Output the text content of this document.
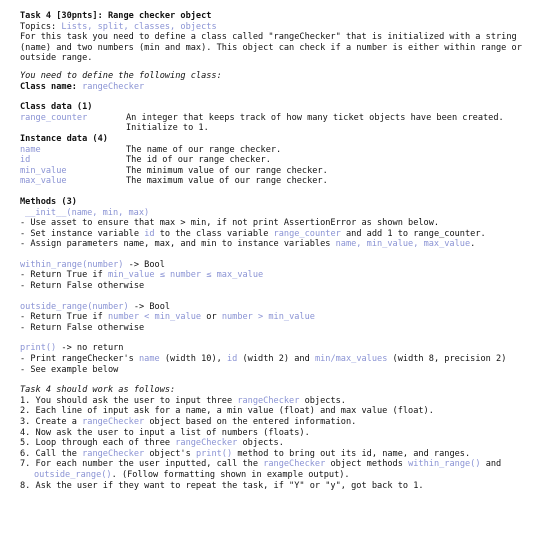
Task 4 [30pnts]: Range checker object
Topics: Lists, split, classes, objects
For this task you need to define a class called "rangeChecker" that is initialized with a string
(name) and two numbers (min and max). This object can check if a number is either within range or
outside range.
You need to define the following class:
Class name: rangeChecker
Class data (1)
range_counter	An integer that keeps track of how many ticket objects have been created.
Initialize to 1.
Instance data (4)
name	The name of our range checker.
id	The id of our range checker.
min_value	The minimum value of our range checker.
max_value	The maximum value of our range checker.
Methods (3)
__init__(name, min, max)
- Use asset to ensure that max > min, if not print AssertionError as shown below.
- Set instance variable id to the class variable range_counter and add 1 to range_counter.
- Assign parameters name, max, and min to instance variables name, min_value, max_value.
within_range(number) -> Bool
- Return True if min_value ≤ number ≤ max_value
- Return False otherwise
outside_range(number) -> Bool
- Return True if number < min_value or number > min_value
- Return False otherwise
print() -> no return
- Print rangeChecker's name (width 10), id (width 2) and min/max_values (width 8, precision 2)
- See example below
Task 4 should work as follows:
1. You should ask the user to input three rangeChecker objects.
2. Each line of input ask for a name, a min value (float) and max value (float).
3. Create a rangeChecker object based on the entered information.
4. Now ask the user to input a list of numbers (floats).
5. Loop through each of three rangeChecker objects.
6. Call the rangeChecker object's print() method to bring out its id, name, and ranges.
7. For each number the user inputted, call the rangeChecker object methods within_range() and
outside_range(). (Follow formatting shown in example output).
8. Ask the user if they want to repeat the task, if "Y" or "y", got back to 1.
